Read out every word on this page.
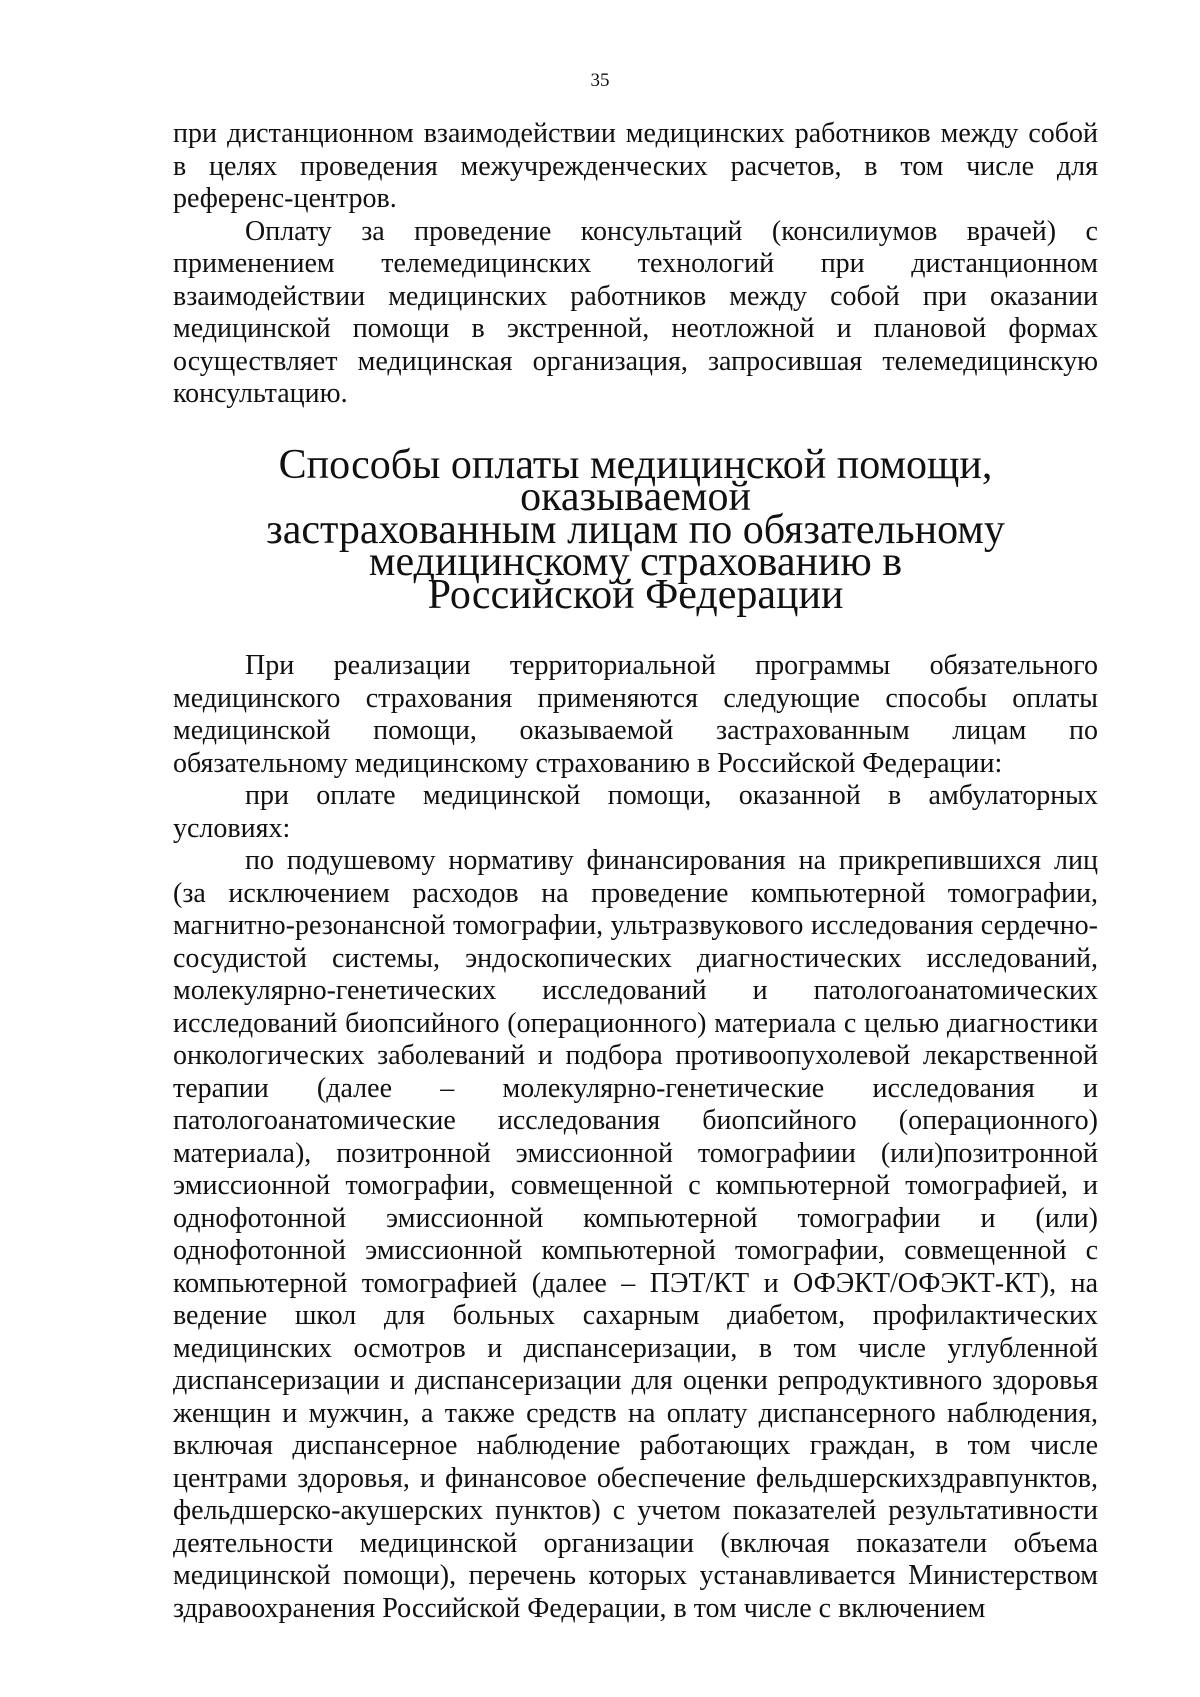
35

при дистанционном взаимодействии медицинских работников между собой в целях проведения межучрежденческих расчетов, в том числе для референс-центров.

Оплату за проведение консультаций (консилиумов врачей) с применением телемедицинских технологий при дистанционном взаимодействии медицинских работников между собой при оказании медицинской помощи в экстренной, неотложной и плановой формах осуществляет медицинская организация, запросившая телемедицинскую консультацию.

Способы оплаты медицинской помощи, оказываемой
застрахованным лицам по обязательному медицинскому страхованию в
Российской Федерации

При реализации территориальной программы обязательного медицинского страхования применяются следующие способы оплаты медицинской помощи, оказываемой застрахованным лицам по обязательному медицинскому страхованию в Российской Федерации:

при оплате медицинской помощи, оказанной в амбулаторных условиях:

по подушевому нормативу финансирования на прикрепившихся лиц (за исключением расходов на проведение компьютерной томографии, магнитно-резонансной томографии, ультразвукового исследования сердечно-сосудистой системы, эндоскопических диагностических исследований, молекулярно-генетических исследований и патологоанатомических исследований биопсийного (операционного) материала с целью диагностики онкологических заболеваний и подбора противоопухолевой лекарственной терапии (далее – молекулярно-генетические исследования и патологоанатомические исследования биопсийного (операционного) материала), позитронной эмиссионной томографиии (или)позитронной эмиссионной томографии, совмещенной с компьютерной томографией, и однофотонной эмиссионной компьютерной томографии и (или) однофотонной эмиссионной компьютерной томографии, совмещенной с компьютерной томографией (далее – ПЭТ/КТ и ОФЭКТ/ОФЭКТ-КТ), на ведение школ для больных сахарным диабетом, профилактических медицинских осмотров и диспансеризации, в том числе углубленной диспансеризации и диспансеризации для оценки репродуктивного здоровья женщин и мужчин, а также средств на оплату диспансерного наблюдения, включая диспансерное наблюдение работающих граждан, в том числе центрами здоровья, и финансовое обеспечение фельдшерскихздравпунктов, фельдшерско-акушерских пунктов) с учетом показателей результативности деятельности медицинской организации (включая показатели объема медицинской помощи), перечень которых устанавливается Министерством здравоохранения Российской Федерации, в том числе с включением
